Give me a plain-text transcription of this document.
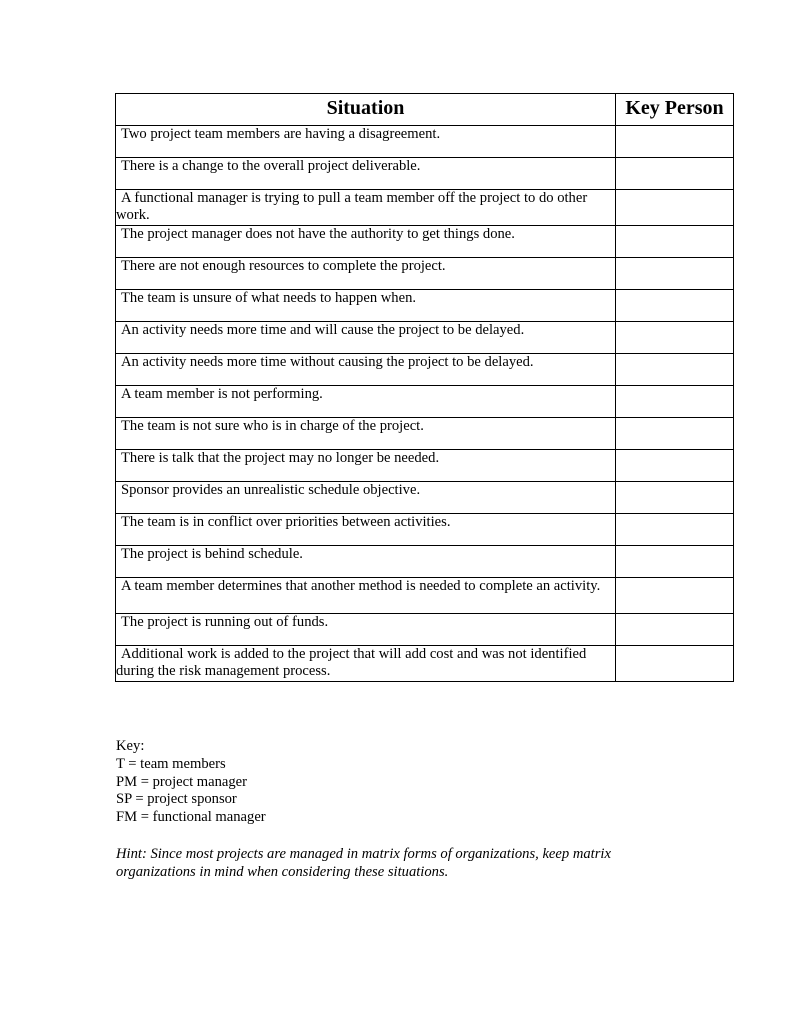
Situation	Key Person
Two project team members are having a disagreement.	
There is a change to the overall project deliverable.	
A functional manager is trying to pull a team member off the project to do other work.	
The project manager does not have the authority to get things done.	
There are not enough resources to complete the project.	
The team is unsure of what needs to happen when.	
An activity needs more time and will cause the project to be delayed.	
An activity needs more time without causing the project to be delayed.	
A team member is not performing.	
The team is not sure who is in charge of the project.	
There is talk that the project may no longer be needed.	
Sponsor provides an unrealistic schedule objective.	
The team is in conflict over priorities between activities.	
The project is behind schedule.	
A team member determines that another method is needed to complete an activity.	
The project is running out of funds.	
Additional work is added to the project that will add cost and was not identified during the risk management process.	
Key:
T = team members
PM = project manager
SP = project sponsor
FM = functional manager
Hint: Since most projects are managed in matrix forms of organizations, keep matrix organizations in mind when considering these situations.
